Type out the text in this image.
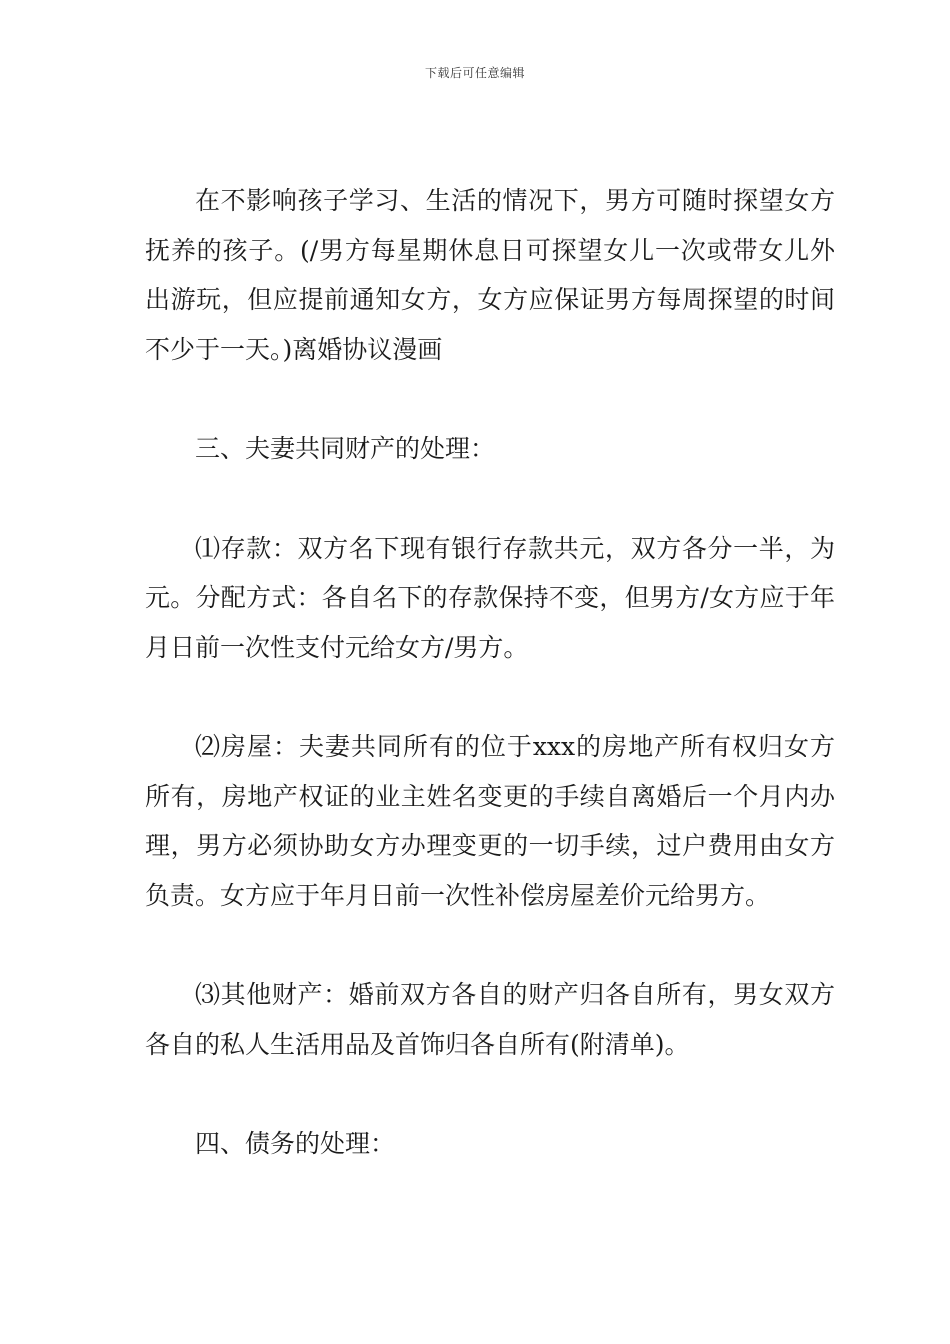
下载后可任意编辑

在不影响孩子学习、生活的情况下，男方可随时探望女方抚养的孩子。(/男方每星期休息日可探望女儿一次或带女儿外出游玩，但应提前通知女方，女方应保证男方每周探望的时间不少于一天。)离婚协议漫画

三、夫妻共同财产的处理：

⑴存款：双方名下现有银行存款共元，双方各分一半，为元。分配方式：各自名下的存款保持不变，但男方/女方应于年月日前一次性支付元给女方/男方。

⑵房屋：夫妻共同所有的位于xxx的房地产所有权归女方所有，房地产权证的业主姓名变更的手续自离婚后一个月内办理，男方必须协助女方办理变更的一切手续，过户费用由女方负责。女方应于年月日前一次性补偿房屋差价元给男方。

⑶其他财产：婚前双方各自的财产归各自所有，男女双方各自的私人生活用品及首饰归各自所有(附清单)。

四、债务的处理：
